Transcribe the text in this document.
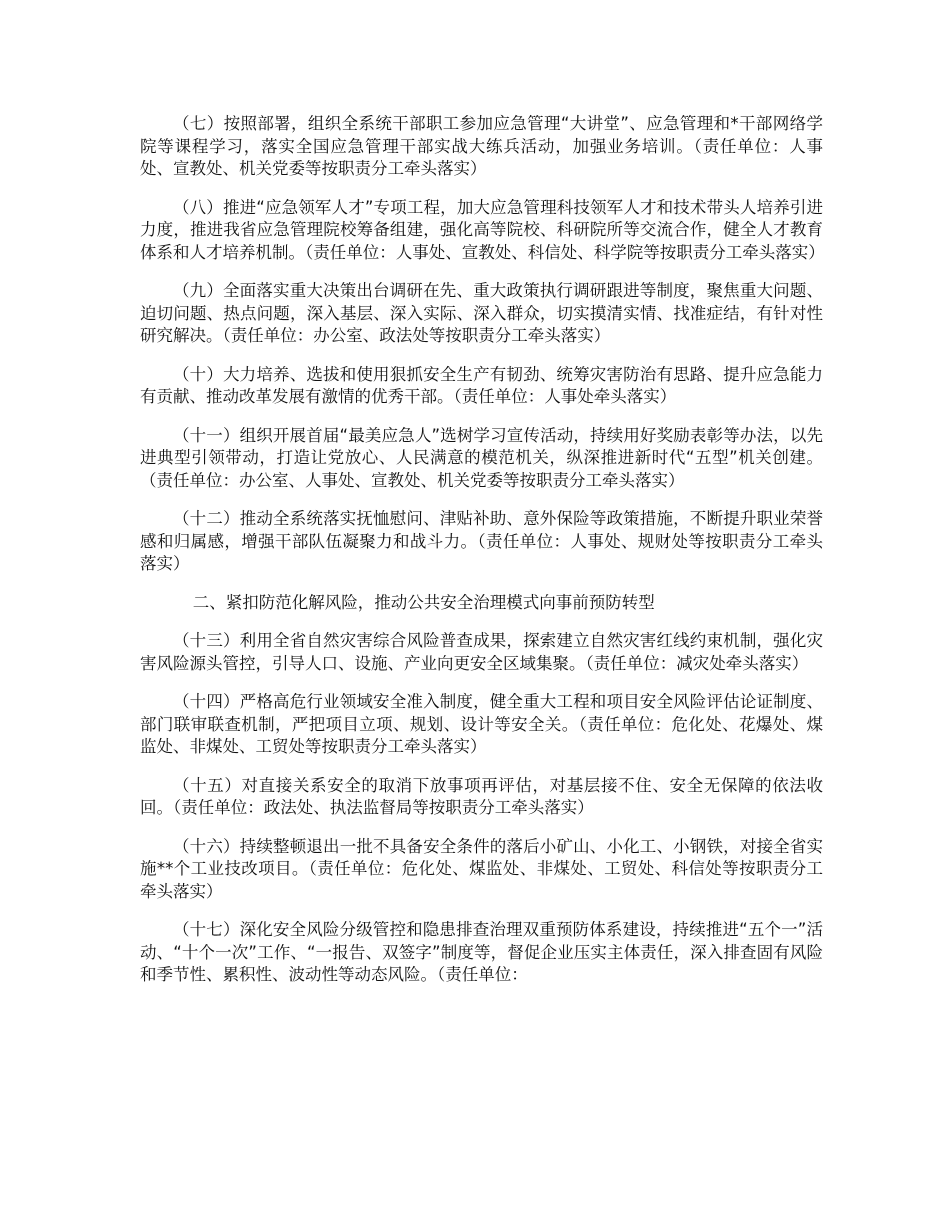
（七）按照部署，组织全系统干部职工参加应急管理“大讲堂”、应急管理和*干部网络学院等课程学习，落实全国应急管理干部实战大练兵活动，加强业务培训。（责任单位：人事处、宣教处、机关党委等按职责分工牵头落实）

（八）推进“应急领军人才”专项工程，加大应急管理科技领军人才和技术带头人培养引进力度，推进我省应急管理院校筹备组建，强化高等院校、科研院所等交流合作，健全人才教育体系和人才培养机制。（责任单位：人事处、宣教处、科信处、科学院等按职责分工牵头落实）

（九）全面落实重大决策出台调研在先、重大政策执行调研跟进等制度，聚焦重大问题、迫切问题、热点问题，深入基层、深入实际、深入群众，切实摸清实情、找准症结，有针对性研究解决。（责任单位：办公室、政法处等按职责分工牵头落实）

（十）大力培养、选拔和使用狠抓安全生产有韧劲、统筹灾害防治有思路、提升应急能力有贡献、推动改革发展有激情的优秀干部。（责任单位：人事处牵头落实）

（十一）组织开展首届“最美应急人”选树学习宣传活动，持续用好奖励表彰等办法，以先进典型引领带动，打造让党放心、人民满意的模范机关，纵深推进新时代“五型”机关创建。（责任单位：办公室、人事处、宣教处、机关党委等按职责分工牵头落实）

（十二）推动全系统落实抚恤慰问、津贴补助、意外保险等政策措施，不断提升职业荣誉感和归属感，增强干部队伍凝聚力和战斗力。（责任单位：人事处、规财处等按职责分工牵头落实）

二、紧扣防范化解风险，推动公共安全治理模式向事前预防转型

（十三）利用全省自然灾害综合风险普查成果，探索建立自然灾害红线约束机制，强化灾害风险源头管控，引导人口、设施、产业向更安全区域集聚。（责任单位：减灾处牵头落实）

（十四）严格高危行业领域安全准入制度，健全重大工程和项目安全风险评估论证制度、部门联审联查机制，严把项目立项、规划、设计等安全关。（责任单位：危化处、花爆处、煤监处、非煤处、工贸处等按职责分工牵头落实）

（十五）对直接关系安全的取消下放事项再评估，对基层接不住、安全无保障的依法收回。（责任单位：政法处、执法监督局等按职责分工牵头落实）

（十六）持续整顿退出一批不具备安全条件的落后小矿山、小化工、小钢铁，对接全省实施**个工业技改项目。（责任单位：危化处、煤监处、非煤处、工贸处、科信处等按职责分工牵头落实）

（十七）深化安全风险分级管控和隐患排查治理双重预防体系建设，持续推进“五个一”活动、“十个一次”工作、“一报告、双签字”制度等，督促企业压实主体责任，深入排查固有风险和季节性、累积性、波动性等动态风险。（责任单位：
